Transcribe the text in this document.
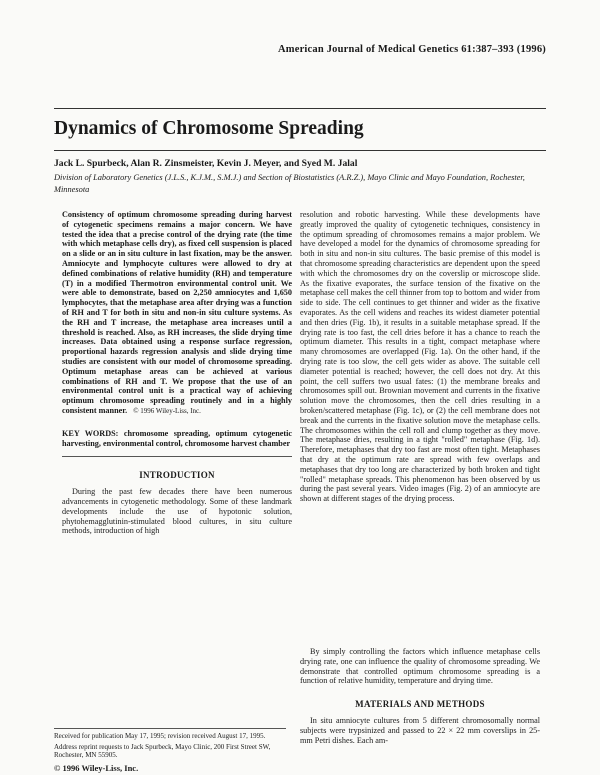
American Journal of Medical Genetics 61:387–393 (1996)
Dynamics of Chromosome Spreading
Jack L. Spurbeck, Alan R. Zinsmeister, Kevin J. Meyer, and Syed M. Jalal
Division of Laboratory Genetics (J.L.S., K.J.M., S.M.J.) and Section of Biostatistics (A.R.Z.), Mayo Clinic and Mayo Foundation, Rochester, Minnesota

Consistency of optimum chromosome spreading during harvest of cytogenetic specimens remains a major concern. We have tested the idea that a precise control of the drying rate (the time with which metaphase cells dry), as fixed cell suspension is placed on a slide or an in situ culture in last fixation, may be the answer. Amniocyte and lymphocyte cultures were allowed to dry at defined combinations of relative humidity (RH) and temperature (T) in a modified Thermotron environmental control unit. We were able to demonstrate, based on 2,250 amniocytes and 1,650 lymphocytes, that the metaphase area after drying was a function of RH and T for both in situ and non-in situ culture systems. As the RH and T increase, the metaphase area increases until a threshold is reached. Also, as RH increases, the slide drying time increases. Data obtained using a response surface regression, proportional hazards regression analysis and slide drying time studies are consistent with our model of chromosome spreading. Optimum metaphase areas can be achieved at various combinations of RH and T. We propose that the use of an environmental control unit is a practical way of achieving optimum chromosome spreading routinely and in a highly consistent manner. © 1996 Wiley-Liss, Inc.

KEY WORDS: chromosome spreading, optimum cytogenetic harvesting, environmental control, chromosome harvest chamber

INTRODUCTION

During the past few decades there have been numerous advancements in cytogenetic methodology. Some of these landmark developments include the use of hypotonic solution, phytohemagglutinin-stimulated blood cultures, in situ culture methods, introduction of high

resolution and robotic harvesting. While these developments have greatly improved the quality of cytogenetic techniques, consistency in the optimum spreading of chromosomes remains a major problem. We have developed a model for the dynamics of chromosome spreading for both in situ and non-in situ cultures. The basic premise of this model is that chromosome spreading characteristics are dependent upon the speed with which the chromosomes dry on the coverslip or microscope slide. As the fixative evaporates, the surface tension of the fixative on the metaphase cell makes the cell thinner from top to bottom and wider from side to side. The cell continues to get thinner and wider as the fixative evaporates. As the cell widens and reaches its widest diameter potential and then dries (Fig. 1b), it results in a suitable metaphase spread. If the drying rate is too fast, the cell dries before it has a chance to reach the optimum diameter. This results in a tight, compact metaphase where many chromosomes are overlapped (Fig. 1a). On the other hand, if the drying rate is too slow, the cell gets wider as above. The suitable cell diameter potential is reached; however, the cell does not dry. At this point, the cell suffers two usual fates: (1) the membrane breaks and chromosomes spill out. Brownian movement and currents in the fixative solution move the chromosomes, then the cell dries resulting in a broken/scattered metaphase (Fig. 1c), or (2) the cell membrane does not break and the currents in the fixative solution move the metaphase cells. The chromosomes within the cell roll and clump together as they move. The metaphase dries, resulting in a tight "rolled" metaphase (Fig. 1d). Therefore, metaphases that dry too fast are most often tight. Metaphases that dry at the optimum rate are spread with few overlaps and metaphases that dry too long are characterized by both broken and tight "rolled" metaphase spreads. This phenomenon has been observed by us during the past several years. Video images (Fig. 2) of an amniocyte are shown at different stages of the drying process.

By simply controlling the factors which influence metaphase cells drying rate, one can influence the quality of chromosome spreading. We demonstrate that controlled optimum chromosome spreading is a function of relative humidity, temperature and drying time.

MATERIALS AND METHODS

In situ amniocyte cultures from 5 different chromosomally normal subjects were trypsinized and passed to 22 × 22 mm coverslips in 25-mm Petri dishes. Each am-

Received for publication May 17, 1995; revision received August 17, 1995.

Address reprint requests to Jack Spurbeck, Mayo Clinic, 200 First Street SW, Rochester, MN 55905.

© 1996 Wiley-Liss, Inc.
